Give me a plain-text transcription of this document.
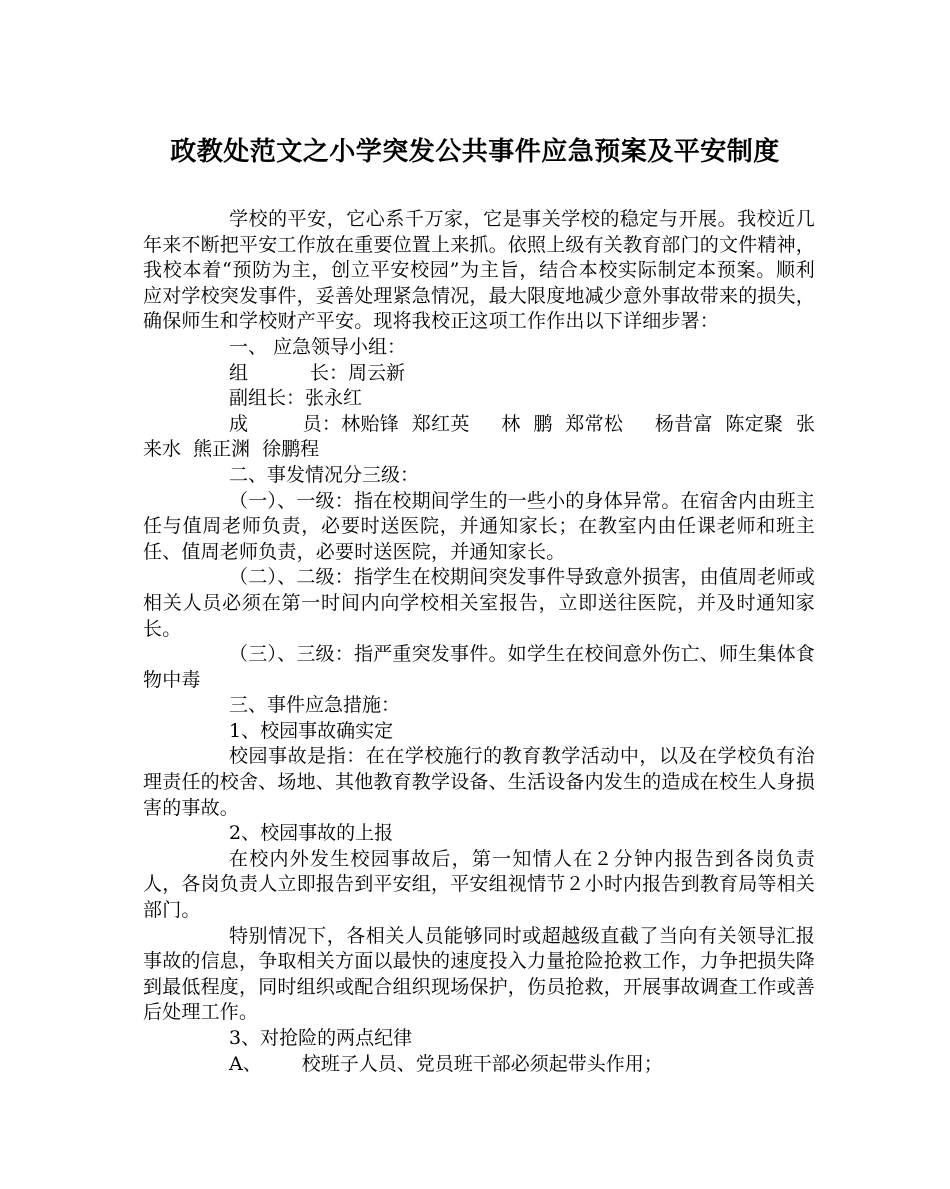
政教处范文之小学突发公共事件应急预案及平安制度

学校的平安，它心系千万家，它是事关学校的稳定与开展。我校近几年来不断把平安工作放在重要位置上来抓。依照上级有关教育部门的文件精神，我校本着“预防为主，创立平安校园”为主旨，结合本校实际制定本预案。顺利应对学校突发事件，妥善处理紧急情况，最大限度地减少意外事故带来的损失，确保师生和学校财产平安。现将我校正这项工作作出以下详细步署：

一、 应急领导小组：

组	长：周云新

副组长：张永红

成	员：林贻锋  郑红英     林  鹏  郑常松     杨昔富  陈定聚  张来水  熊正渊  徐鹏程

二、事发情况分三级：

（一）、一级：指在校期间学生的一些小的身体异常。在宿舍内由班主任与值周老师负责，必要时送医院，并通知家长；在教室内由任课老师和班主任、值周老师负责，必要时送医院，并通知家长。

（二）、二级：指学生在校期间突发事件导致意外损害，由值周老师或相关人员必须在第一时间内向学校相关室报告，立即送往医院，并及时通知家长。

（三）、三级：指严重突发事件。如学生在校间意外伤亡、师生集体食物中毒

三、事件应急措施：

1、校园事故确实定

校园事故是指：在在学校施行的教育教学活动中，以及在学校负有治理责任的校舍、场地、其他教育教学设备、生活设备内发生的造成在校生人身损害的事故。

2、校园事故的上报

在校内外发生校园事故后，第一知情人在２分钟内报告到各岗负责人，各岗负责人立即报告到平安组，平安组视情节２小时内报告到教育局等相关部门。

特别情况下，各相关人员能够同时或超越级直截了当向有关领导汇报事故的信息，争取相关方面以最快的速度投入力量抢险抢救工作，力争把损失降到最低程度，同时组织或配合组织现场保护，伤员抢救，开展事故调查工作或善后处理工作。

3、对抢险的两点纪律

A、 校班子人员、党员班干部必须起带头作用；
